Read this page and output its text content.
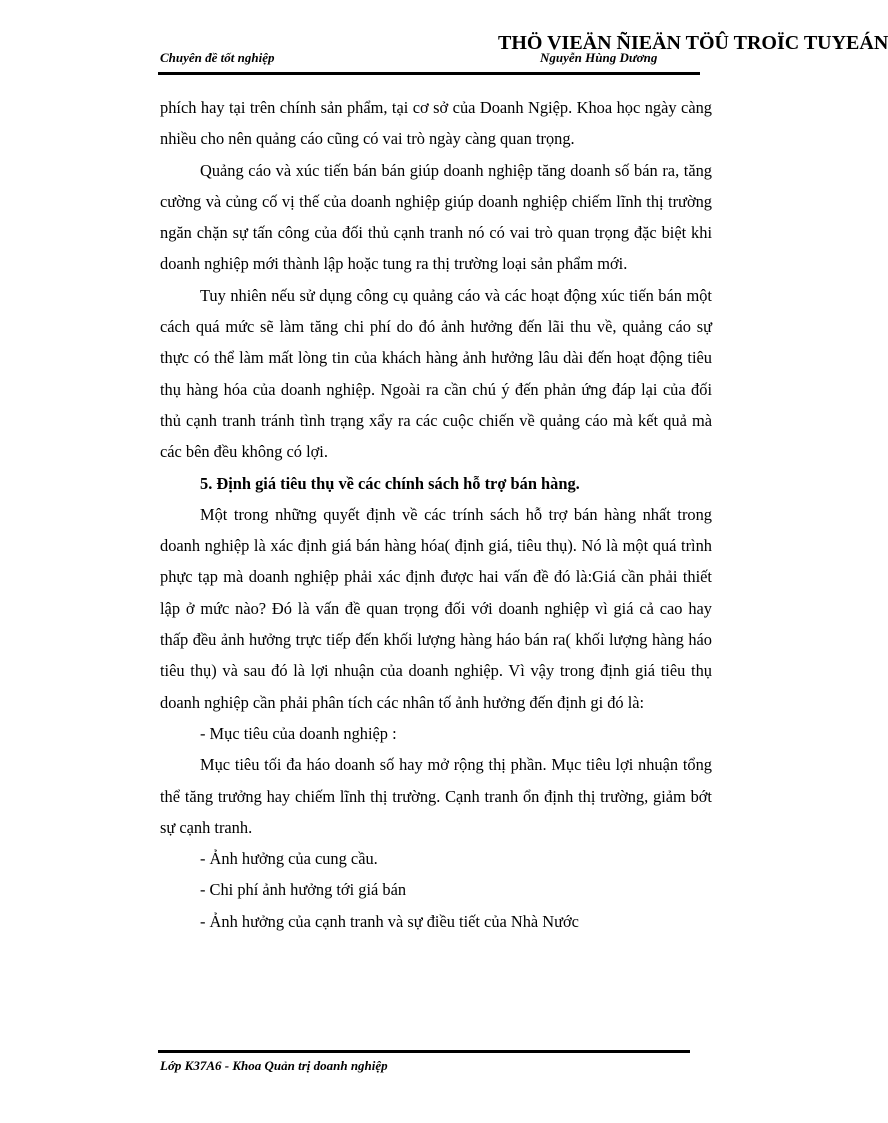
THÖ VIEÄN ÑIEÄN TÖÛ TROÏC TUYEÁN
Chuyên đề tốt nghiệp	Nguyễn Hùng Dương

phích hay tại trên chính sản phẩm, tại cơ sở của Doanh Ngiệp. Khoa học ngày càng nhiều cho nên quảng cáo cũng có vai trò ngày càng quan trọng.

Quảng cáo và xúc tiến bán bán giúp doanh nghiệp tăng doanh số bán ra, tăng cường và củng cố vị thế của doanh nghiệp giúp doanh nghiệp chiếm lĩnh thị trường ngăn chặn sự tấn công của đối thủ cạnh tranh nó có vai trò quan trọng đặc biệt khi doanh nghiệp mới thành lập hoặc tung ra thị trường loại sản phẩm mới.

Tuy nhiên nếu sử dụng công cụ quảng cáo và các hoạt động xúc tiến bán một cách quá mức sẽ làm tăng chi phí do đó ảnh hưởng đến lãi thu về, quảng cáo sự thực có thể làm mất lòng tin của khách hàng ảnh hưởng lâu dài đến hoạt động tiêu thụ hàng hóa của doanh nghiệp. Ngoài ra cần chú ý đến phản ứng đáp lại của đối thủ cạnh tranh tránh tình trạng xẩy ra các cuộc chiến về quảng cáo mà kết quả mà các bên đều không có lợi.

5. Định giá tiêu thụ về các chính sách hỗ trợ bán hàng.

Một trong những quyết định về các trính sách hỗ trợ bán hàng nhất trong doanh nghiệp là xác định giá bán hàng hóa( định giá, tiêu thụ). Nó là một quá trình phực tạp mà doanh nghiệp phải xác định được hai vấn đề đó là:Giá cần phải thiết lập ở mức nào? Đó là vấn đề quan trọng đối với doanh nghiệp vì giá cả cao hay thấp đều ảnh hưởng trực tiếp đến khối lượng hàng háo bán ra( khối lượng hàng háo tiêu thụ) và sau đó là lợi nhuận của doanh nghiệp. Vì vậy trong định giá tiêu thụ doanh nghiệp cần phải phân tích các nhân tố ảnh hưởng đến định gi đó là:

- Mục tiêu của doanh nghiệp :

Mục tiêu tối đa háo doanh số hay mở rộng thị phần. Mục tiêu lợi nhuận tổng thể tăng trưởng hay chiếm lĩnh thị trường. Cạnh tranh ổn định thị trường, giảm bớt sự cạnh tranh.

- Ảnh hưởng của cung cầu.

- Chi phí ảnh hưởng tới giá bán

- Ảnh hưởng của cạnh tranh và sự điều tiết của Nhà Nước

Lớp K37A6 - Khoa Quản trị doanh nghiệp
